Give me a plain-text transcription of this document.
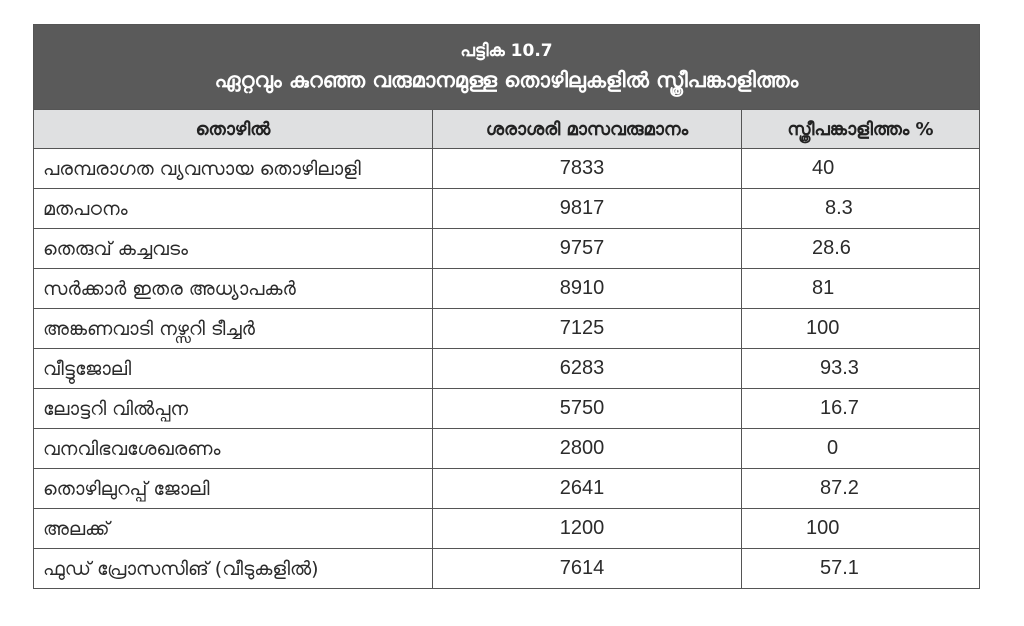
പട്ടിക 10.7
ഏറ്റവും കുറഞ്ഞ വരുമാനമുള്ള തൊഴിലുകളിൽ സ്ത്രീപങ്കാളിത്തം		

തൊഴിൽ	ശരാശരി മാസവരുമാനം	സ്ത്രീപങ്കാളിത്തം %
പരമ്പരാഗത വ്യവസായ തൊഴിലാളി	7833	40
മതപഠനം	9817	8.3
തെരുവ് കച്ചവടം	9757	28.6
സർക്കാർ ഇതര അധ്യാപകർ	8910	81
അങ്കണവാടി നഴ്സറി ടീച്ചർ	7125	100
വീട്ടുജോലി	6283	93.3
ലോട്ടറി വിൽപ്പന	5750	16.7
വനവിഭവശേഖരണം	2800	0
തൊഴിലുറപ്പ് ജോലി	2641	87.2
അലക്ക്	1200	100
ഫുഡ് പ്രോസസിങ് (വീടുകളിൽ)	7614	57.1
